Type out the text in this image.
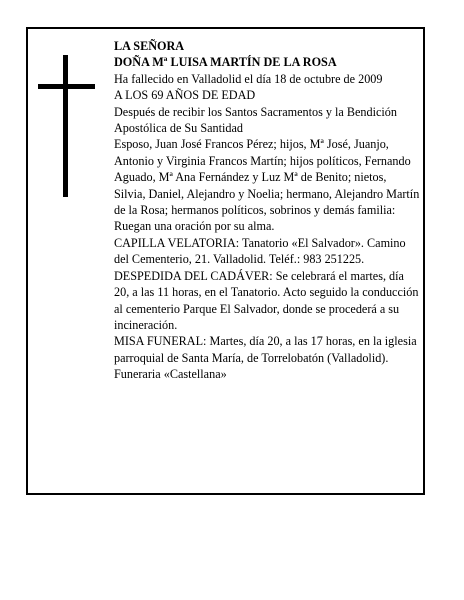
LA SEÑORA

DOÑA Mª LUISA MARTÍN DE LA ROSA

Ha fallecido en Valladolid el día 18 de octubre de 2009

A LOS 69 AÑOS DE EDAD

Después de recibir los Santos Sacramentos y la Bendición Apostólica de Su Santidad

Esposo, Juan José Francos Pérez; hijos, Mª José, Juanjo, Antonio y Virginia Francos Martín; hijos políticos, Fernando Aguado, Mª Ana Fernández y Luz Mª de Benito; nietos, Silvia, Daniel, Alejandro y Noelia; hermano, Alejandro Martín de la Rosa; hermanos políticos, sobrinos y demás familia:

Ruegan una oración por su alma.

CAPILLA VELATORIA: Tanatorio «El Salvador». Camino del Cementerio, 21. Valladolid. Teléf.: 983 251225.

DESPEDIDA DEL CADÁVER: Se celebrará el martes, día 20, a las 11 horas, en el Tanatorio. Acto seguido la conducción al cementerio Parque El Salvador, donde se procederá a su incineración.

MISA FUNERAL: Martes, día 20, a las 17 horas, en la iglesia parroquial de Santa María, de Torrelobatón (Valladolid).

Funeraria «Castellana»
